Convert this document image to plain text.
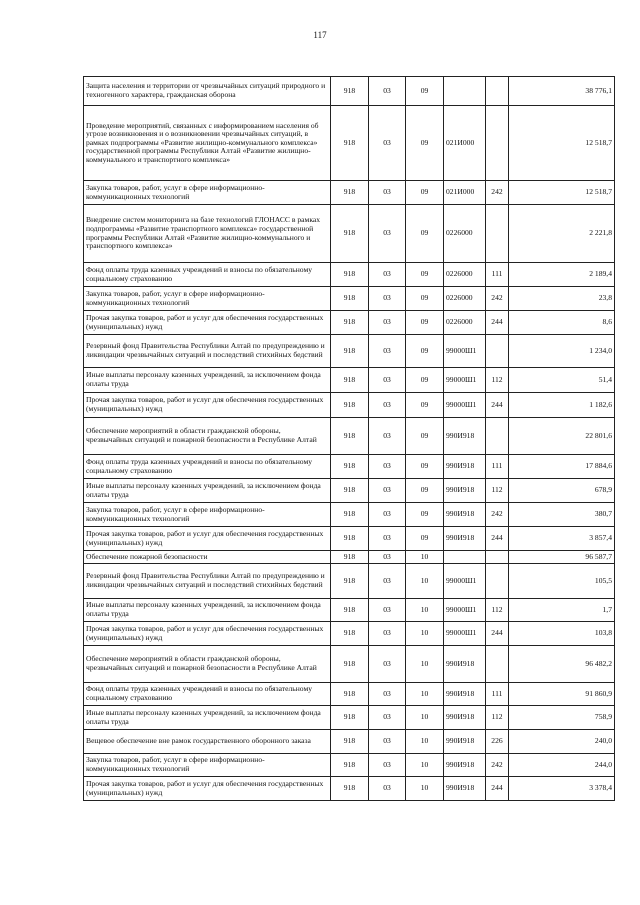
117
Защита населения и территории от чрезвычайных ситуаций природного и техногенного характера, гражданская оборона	918	03	09			38 776,1
Проведение мероприятий, связанных с информированием населения об угрозе возникновения и о возникновении чрезвычайных ситуаций, в рамках подпрограммы «Развитие жилищно-коммунального комплекса» государственной программы Республики Алтай «Развитие жилищно-коммунального и транспортного комплекса»	918	03	09	021И000		12 518,7
Закупка товаров, работ, услуг в сфере информационно-коммуникационных технологий	918	03	09	021И000	242	12 518,7
Внедрение систем мониторинга на базе технологий ГЛОНАСС в рамках подпрограммы «Развитие транспортного комплекса» государственной программы Республики Алтай «Развитие жилищно-коммунального и транспортного комплекса»	918	03	09	0226000		2 221,8
Фонд оплаты труда казенных учреждений и взносы по обязательному социальному страхованию	918	03	09	0226000	111	2 189,4
Закупка товаров, работ, услуг в сфере информационно-коммуникационных технологий	918	03	09	0226000	242	23,8
Прочая закупка товаров, работ и услуг для обеспечения государственных (муниципальных) нужд	918	03	09	0226000	244	8,6
Резервный фонд Правительства Республики Алтай по предупреждению и ликвидации чрезвычайных ситуаций и последствий стихийных бедствий	918	03	09	99000Ш1		1 234,0
Иные выплаты персоналу казенных учреждений, за исключением фонда оплаты труда	918	03	09	99000Ш1	112	51,4
Прочая закупка товаров, работ и услуг для обеспечения государственных (муниципальных) нужд	918	03	09	99000Ш1	244	1 182,6
Обеспечение мероприятий в области гражданской обороны, чрезвычайных ситуаций и пожарной безопасности в Республике Алтай	918	03	09	990И918		22 801,6
Фонд оплаты труда казенных учреждений и взносы по обязательному социальному страхованию	918	03	09	990И918	111	17 884,6
Иные выплаты персоналу казенных учреждений, за исключением фонда оплаты труда	918	03	09	990И918	112	678,9
Закупка товаров, работ, услуг в сфере информационно-коммуникационных технологий	918	03	09	990И918	242	380,7
Прочая закупка товаров, работ и услуг для обеспечения государственных (муниципальных) нужд	918	03	09	990И918	244	3 857,4
Обеспечение пожарной безопасности	918	03	10			96 587,7
Резервный фонд Правительства Республики Алтай по предупреждению и ликвидации чрезвычайных ситуаций и последствий стихийных бедствий	918	03	10	99000Ш1		105,5
Иные выплаты персоналу казенных учреждений, за исключением фонда оплаты труда	918	03	10	99000Ш1	112	1,7
Прочая закупка товаров, работ и услуг для обеспечения государственных (муниципальных) нужд	918	03	10	99000Ш1	244	103,8
Обеспечение мероприятий в области гражданской обороны, чрезвычайных ситуаций и пожарной безопасности в Республике Алтай	918	03	10	990И918		96 482,2
Фонд оплаты труда казенных учреждений и взносы по обязательному социальному страхованию	918	03	10	990И918	111	91 860,9
Иные выплаты персоналу казенных учреждений, за исключением фонда оплаты труда	918	03	10	990И918	112	758,9
Вещевое обеспечение вне рамок государственного оборонного заказа	918	03	10	990И918	226	240,0
Закупка товаров, работ, услуг в сфере информационно-коммуникационных технологий	918	03	10	990И918	242	244,0
Прочая закупка товаров, работ и услуг для обеспечения государственных (муниципальных) нужд	918	03	10	990И918	244	3 378,4
